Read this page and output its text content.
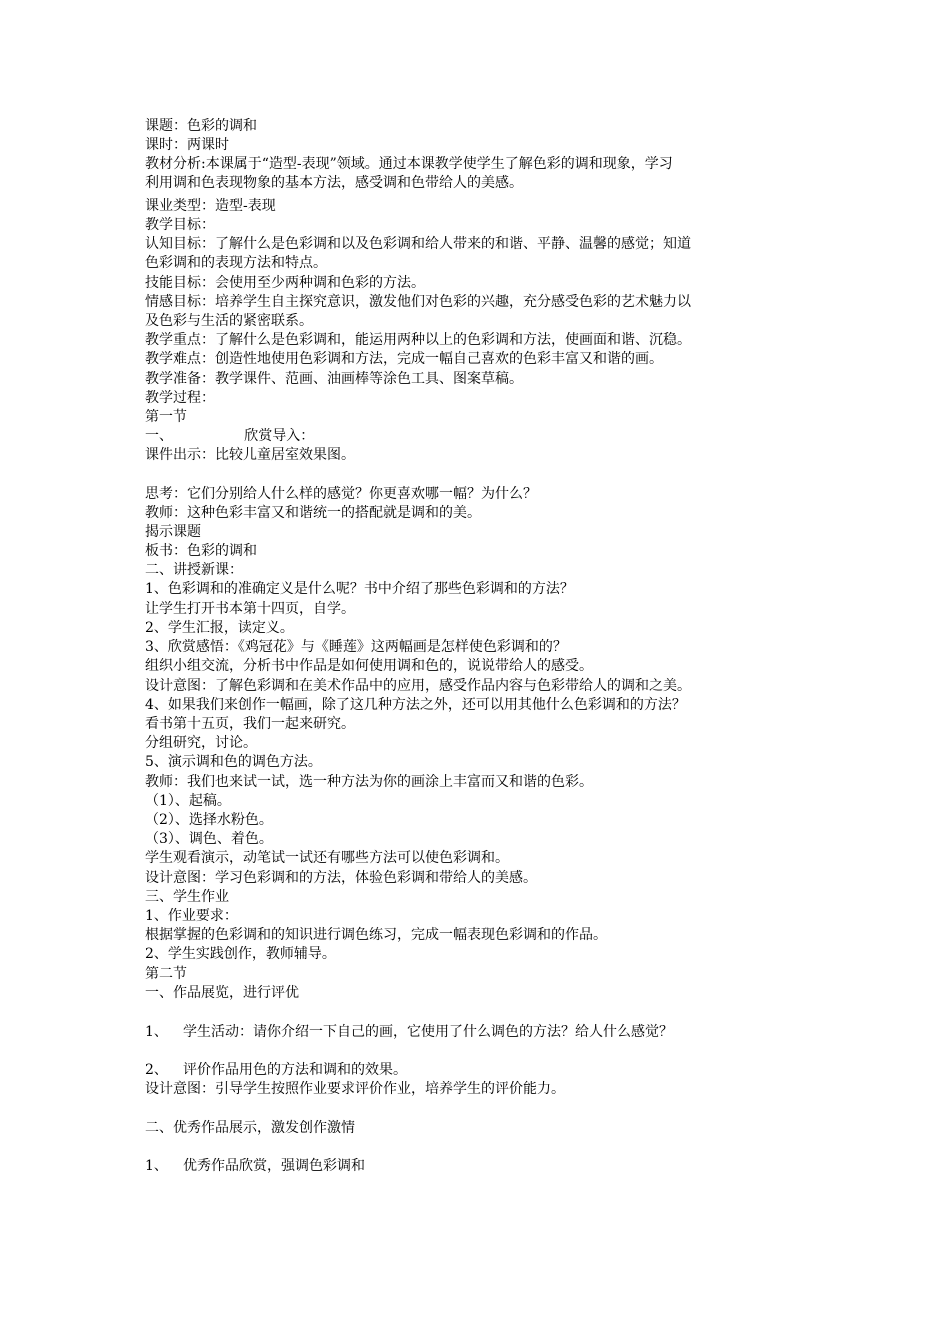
课题：色彩的调和
课时：两课时
教材分析:本课属于“造型-表现”领域。通过本课教学使学生了解色彩的调和现象，学习
利用调和色表现物象的基本方法，感受调和色带给人的美感。
课业类型：造型-表现
教学目标：
认知目标：了解什么是色彩调和以及色彩调和给人带来的和谐、平静、温馨的感觉；知道
色彩调和的表现方法和特点。
技能目标：会使用至少两种调和色彩的方法。
情感目标：培养学生自主探究意识，激发他们对色彩的兴趣，充分感受色彩的艺术魅力以
及色彩与生活的紧密联系。
教学重点：了解什么是色彩调和，能运用两种以上的色彩调和方法，使画面和谐、沉稳。
教学难点：创造性地使用色彩调和方法，完成一幅自己喜欢的色彩丰富又和谐的画。
教学准备：教学课件、范画、油画棒等涂色工具、图案草稿。
教学过程：
第一节
一、                欣赏导入：
课件出示：比较儿童居室效果图。
思考：它们分别给人什么样的感觉？你更喜欢哪一幅？为什么？
教师：这种色彩丰富又和谐统一的搭配就是调和的美。
揭示课题
板书：色彩的调和
二、讲授新课：
1、色彩调和的准确定义是什么呢？书中介绍了那些色彩调和的方法？
让学生打开书本第十四页，自学。
2、学生汇报，读定义。
3、欣赏感悟：《鸡冠花》与《睡莲》这两幅画是怎样使色彩调和的？
组织小组交流，分析书中作品是如何使用调和色的，说说带给人的感受。
设计意图：了解色彩调和在美术作品中的应用，感受作品内容与色彩带给人的调和之美。
4、如果我们来创作一幅画，除了这几种方法之外，还可以用其他什么色彩调和的方法？
看书第十五页，我们一起来研究。
分组研究，讨论。
5、演示调和色的调色方法。
教师：我们也来试一试，选一种方法为你的画涂上丰富而又和谐的色彩。
（1）、起稿。
（2）、选择水粉色。
（3）、调色、着色。
学生观看演示，动笔试一试还有哪些方法可以使色彩调和。
设计意图：学习色彩调和的方法，体验色彩调和带给人的美感。
三、学生作业
1、作业要求：
根据掌握的色彩调和的知识进行调色练习，完成一幅表现色彩调和的作品。
2、学生实践创作，教师辅导。
第二节
一、作品展览，进行评优
1、 学生活动：请你介绍一下自己的画，它使用了什么调色的方法？给人什么感觉？
2、 评价作品用色的方法和调和的效果。
设计意图：引导学生按照作业要求评价作业，培养学生的评价能力。
二、优秀作品展示，激发创作激情
1、 优秀作品欣赏，强调色彩调和
